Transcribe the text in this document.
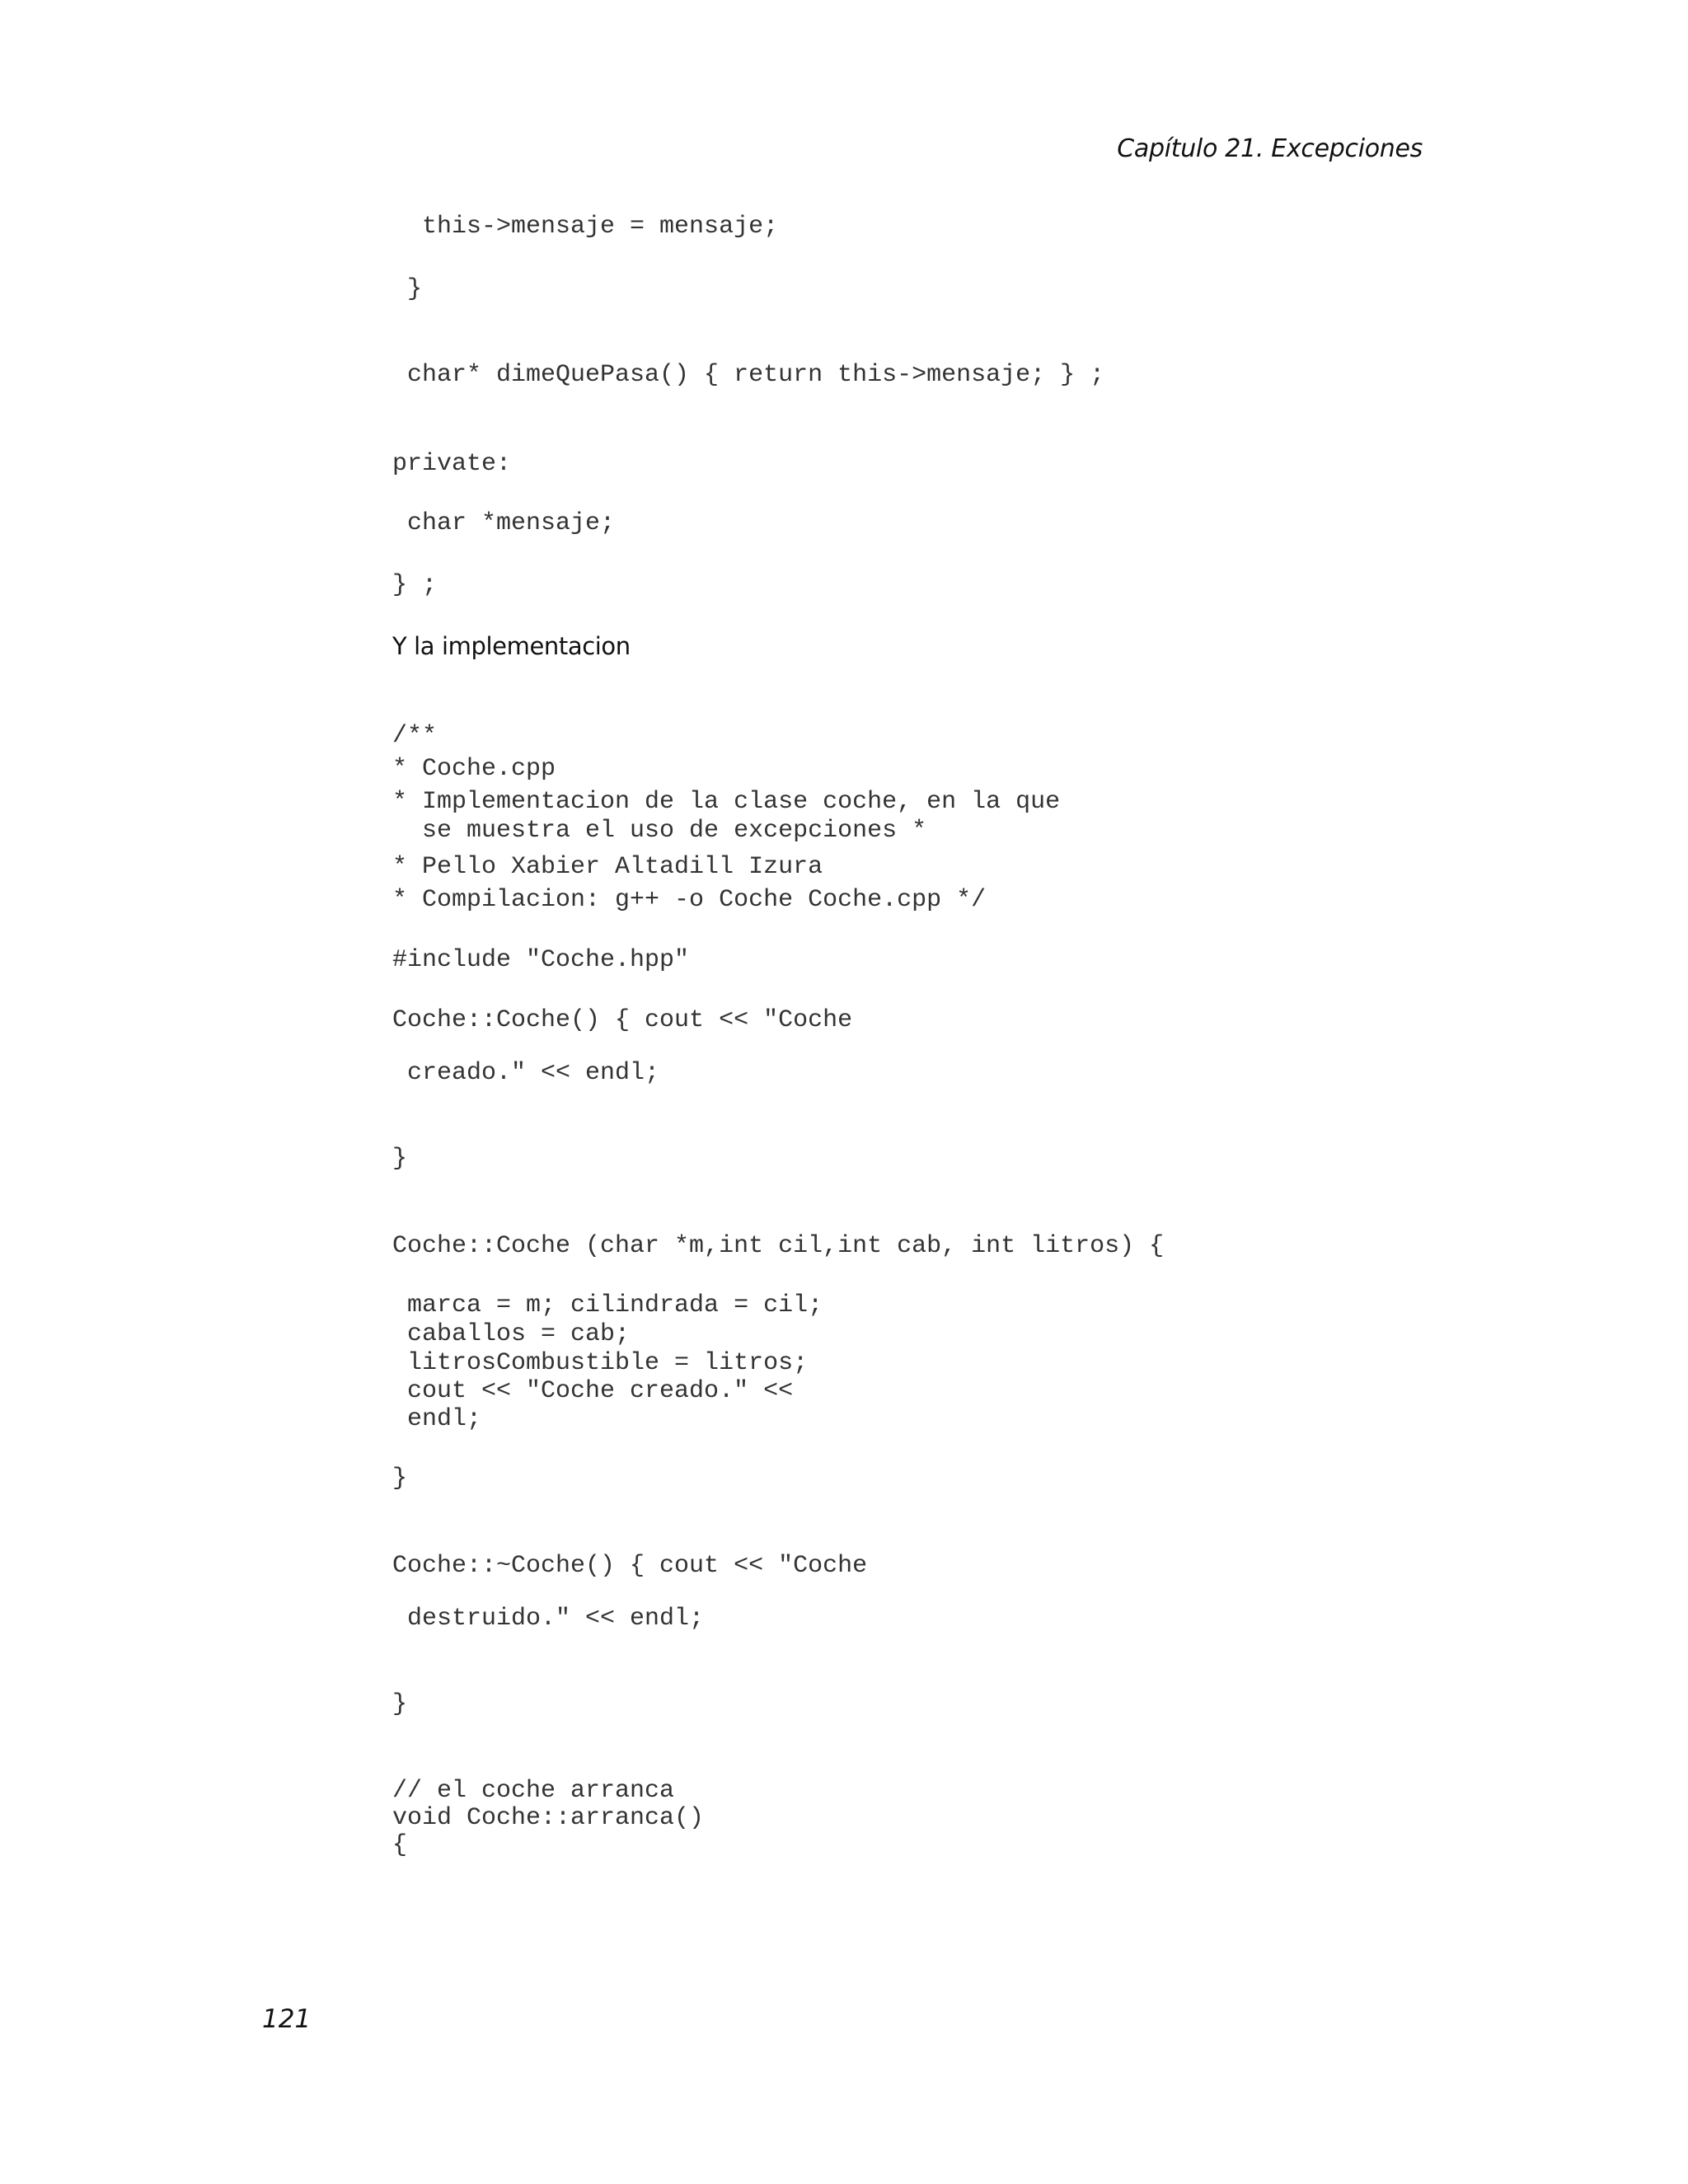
Capítulo 21. Excepciones
this->mensaje = mensaje;
}
char* dimeQuePasa() { return this->mensaje; } ;
private:
char *mensaje;
} ;
Y la implementacion
/**
* Coche.cpp
* Implementacion de la clase coche, en la que
se muestra el uso de excepciones *
* Pello Xabier Altadill Izura
* Compilacion: g++ -o Coche Coche.cpp */
#include "Coche.hpp"
Coche::Coche() { cout << "Coche
creado." << endl;
}
Coche::Coche (char *m,int cil,int cab, int litros) {
marca = m; cilindrada = cil;
caballos = cab;
litrosCombustible = litros;
cout << "Coche creado." <<
endl;
}
Coche::~Coche() { cout << "Coche
destruido." << endl;
}
// el coche arranca
void Coche::arranca()
{
121
